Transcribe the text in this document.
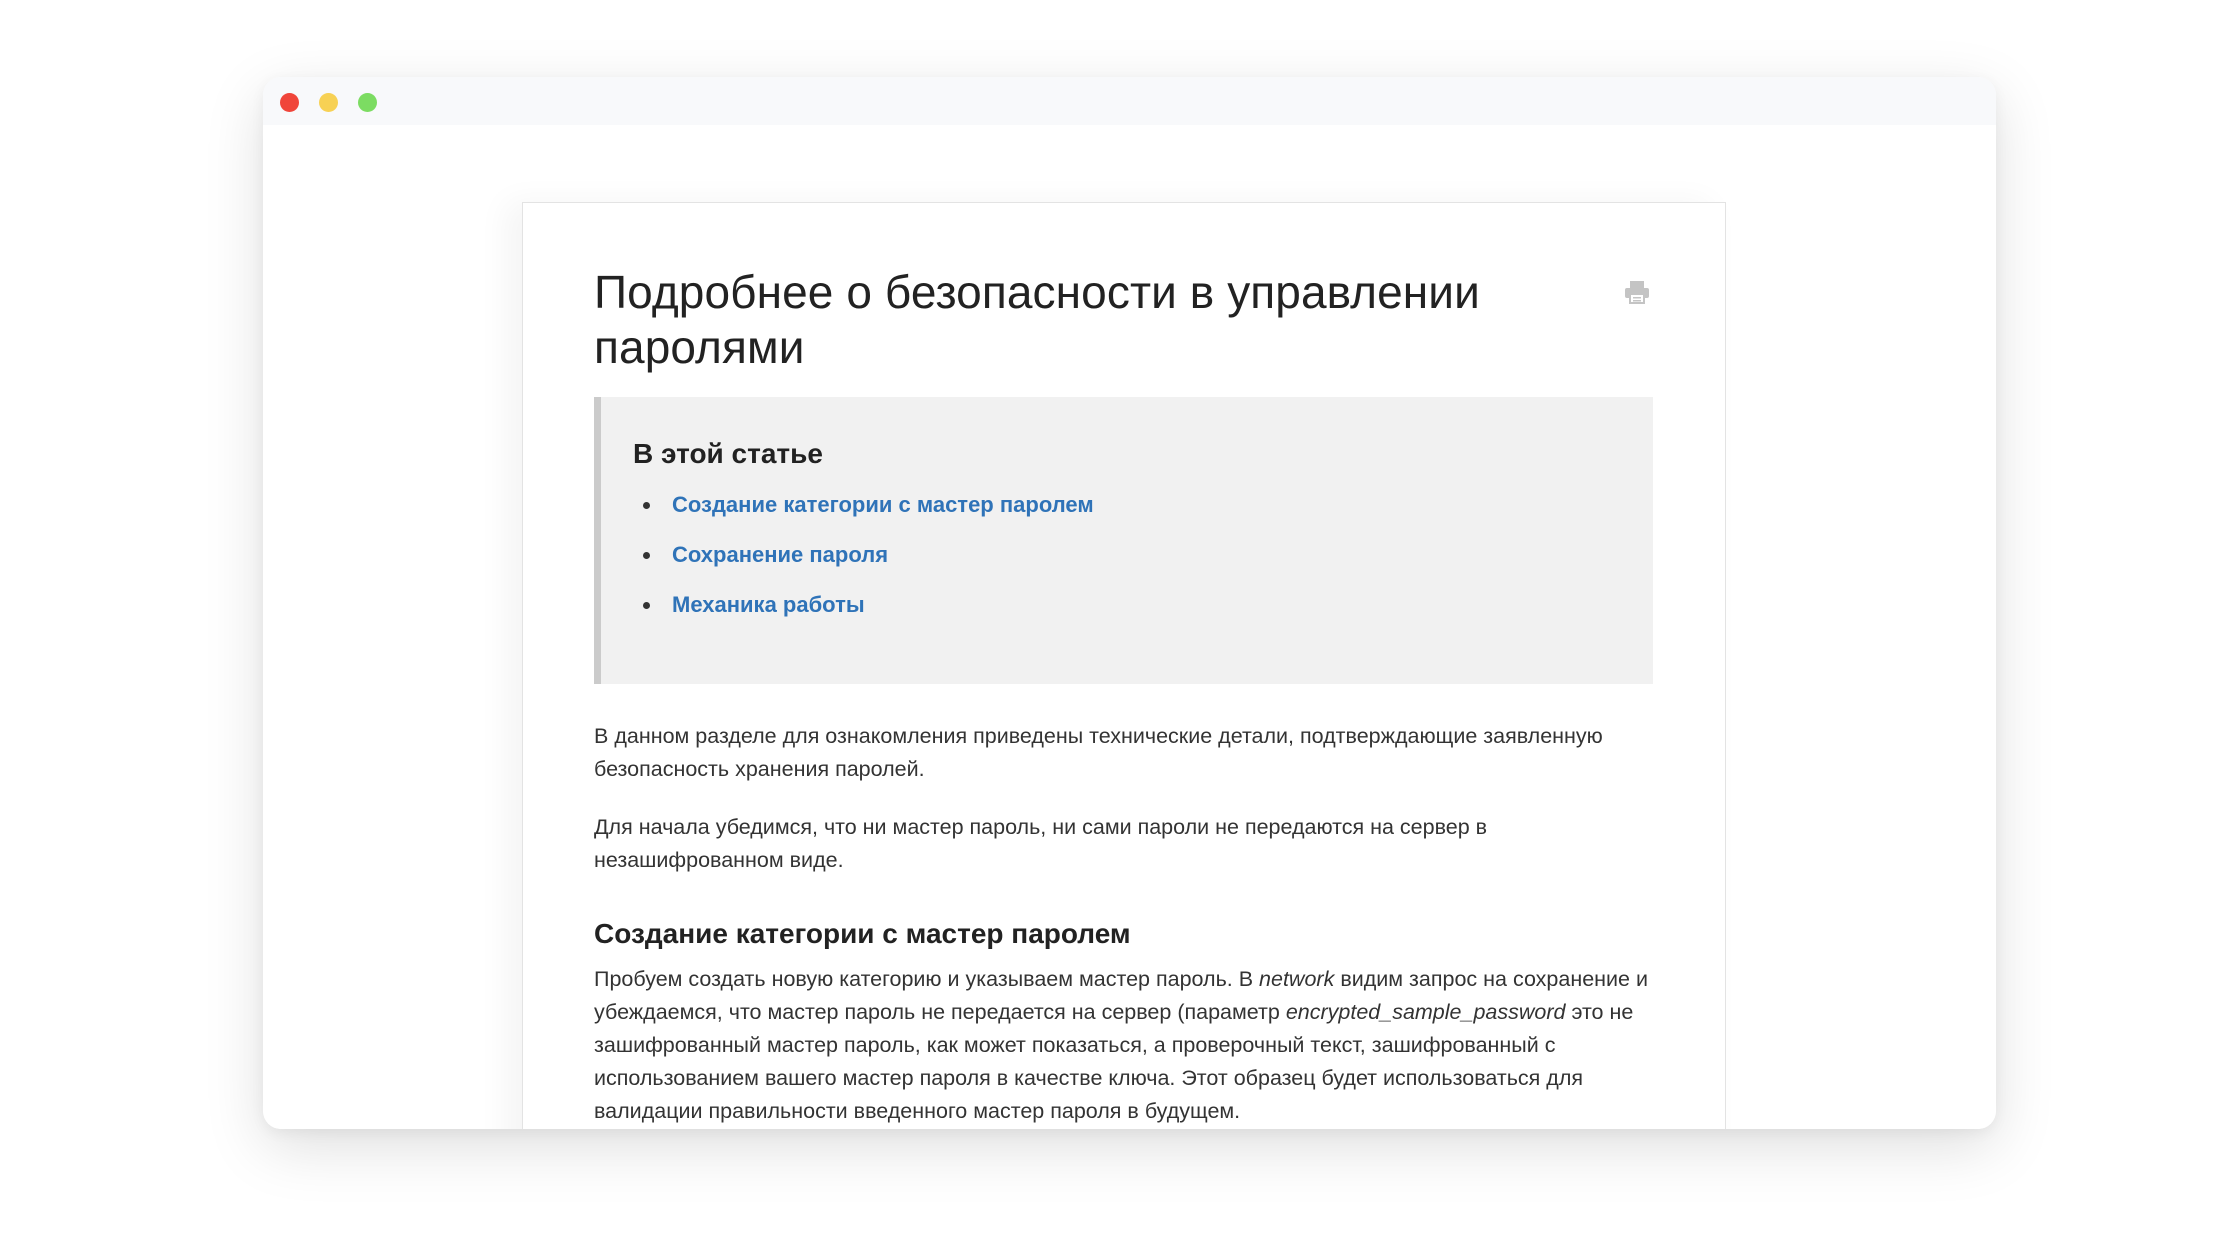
Подробнее о безопасности в управлении паролями
В этой статье
Создание категории с мастер паролем
Сохранение пароля
Механика работы

В данном разделе для ознакомления приведены технические детали, подтверждающие заявленную безопасность хранения паролей.

Для начала убедимся, что ни мастер пароль, ни сами пароли не передаются на сервер в незашифрованном виде.

Создание категории с мастер паролем

Пробуем создать новую категорию и указываем мастер пароль. В network видим запрос на сохранение и убеждаемся, что мастер пароль не передается на сервер (параметр encrypted_sample_password это не зашифрованный мастер пароль, как может показаться, а проверочный текст, зашифрованный с использованием вашего мастер пароля в качестве ключа. Этот образец будет использоваться для валидации правильности введенного мастер пароля в будущем.
